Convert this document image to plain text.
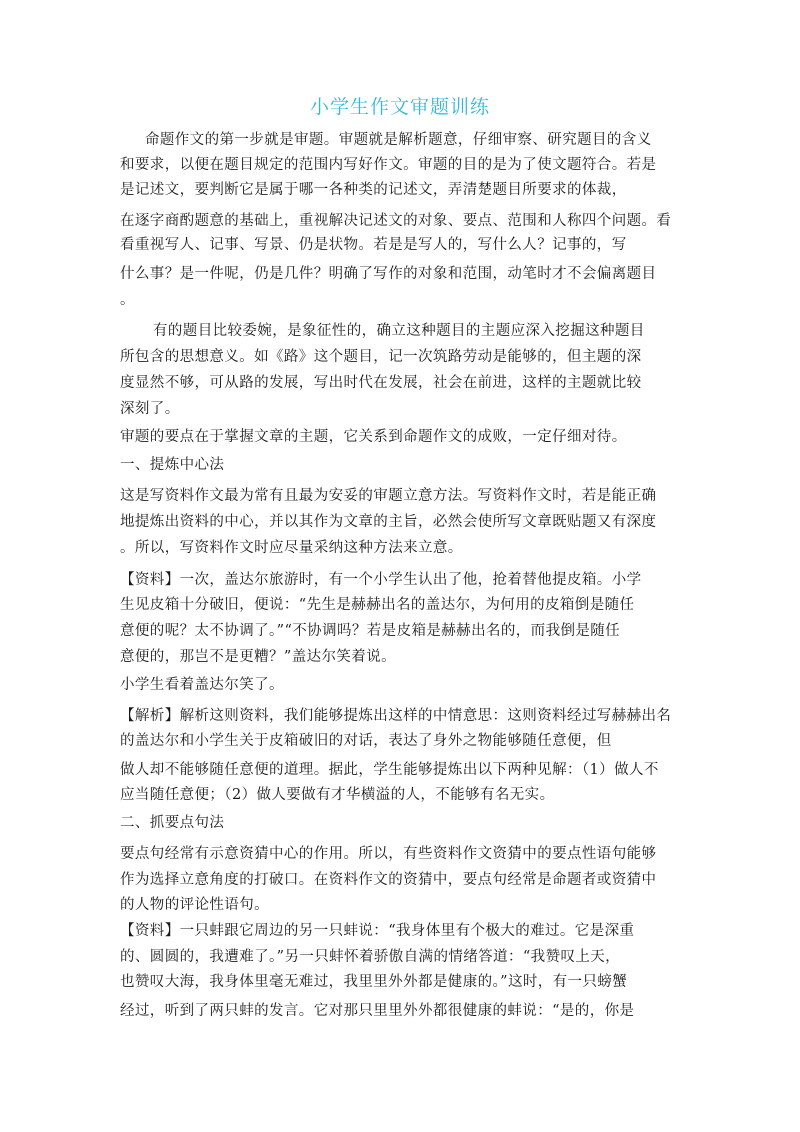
小学生作文审题训练
命题作文的第一步就是审题。审题就是解析题意，仔细审察、研究题目的含义
和要求，以便在题目规定的范围内写好作文。审题的目的是为了使文题符合。若是
是记述文，要判断它是属于哪一各种类的记述文，弄清楚题目所要求的体裁，
在逐字商酌题意的基础上，重视解决记述文的对象、要点、范围和人称四个问题。看
看重视写人、记事、写景、仍是状物。若是是写人的，写什么人？记事的，写
什么事？是一件呢，仍是几件？明确了写作的对象和范围，动笔时才不会偏离题目
。
有的题目比较委婉，是象征性的，确立这种题目的主题应深入挖掘这种题目
所包含的思想意义。如《路》这个题目，记一次筑路劳动是能够的，但主题的深
度显然不够，可从路的发展，写出时代在发展，社会在前进，这样的主题就比较
深刻了。
审题的要点在于掌握文章的主题，它关系到命题作文的成败，一定仔细对待。
一、提炼中心法
这是写资料作文最为常有且最为安妥的审题立意方法。写资料作文时，若是能正确
地提炼出资料的中心，并以其作为文章的主旨，必然会使所写文章既贴题又有深度
。所以，写资料作文时应尽量采纳这种方法来立意。
【资料】一次，盖达尔旅游时，有一个小学生认出了他，抢着替他提皮箱。小学
生见皮箱十分破旧，便说：“先生是赫赫出名的盖达尔，为何用的皮箱倒是随任
意便的呢？太不协调了。”“不协调吗？若是皮箱是赫赫出名的，而我倒是随任
意便的，那岂不是更糟？”盖达尔笑着说。
小学生看着盖达尔笑了。
【解析】解析这则资料，我们能够提炼出这样的中情意思：这则资料经过写赫赫出名
的盖达尔和小学生关于皮箱破旧的对话，表达了身外之物能够随任意便，但
做人却不能够随任意便的道理。据此，学生能够提炼出以下两种见解：（1）做人不
应当随任意便；（2）做人要做有才华横溢的人，不能够有名无实。
二、抓要点句法
要点句经常有示意资猜中心的作用。所以，有些资料作文资猜中的要点性语句能够
作为选择立意角度的打破口。在资料作文的资猜中，要点句经常是命题者或资猜中
的人物的评论性语句。
【资料】一只蚌跟它周边的另一只蚌说：“我身体里有个极大的难过。它是深重
的、圆圆的，我遭难了。”另一只蚌怀着骄傲自满的情绪答道：“我赞叹上天，
也赞叹大海，我身体里毫无难过，我里里外外都是健康的。”这时，有一只螃蟹
经过，听到了两只蚌的发言。它对那只里里外外都很健康的蚌说：“是的，你是
